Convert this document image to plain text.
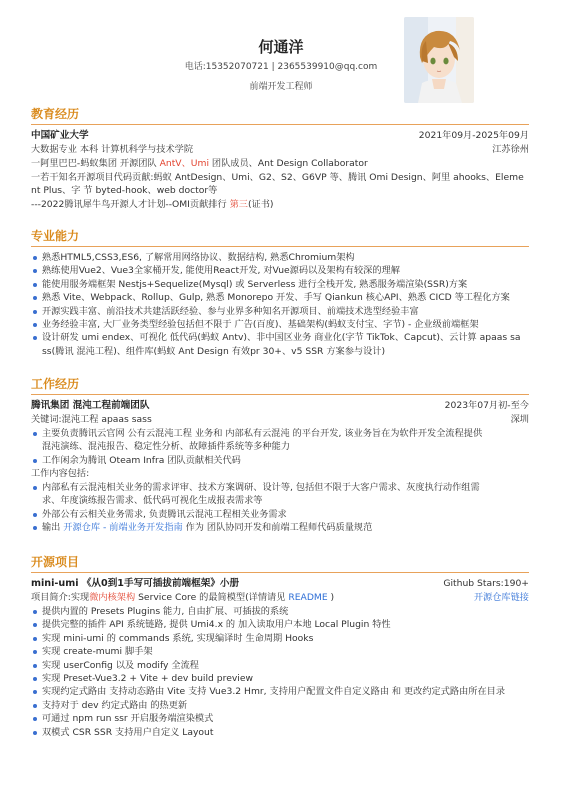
何通洋
电话:15352070721 | 2365539910@qq.com
前端开发工程师
教育经历
中国矿业大学	2021年09月-2025年09月
大数据专业 本科 计算机科学与技术学院	江苏徐州
一阿里巴巴-蚂蚁集团 开源团队 AntV、Umi 团队成员、Ant Design Collaborator
一若干知名开源项目代码贡献:蚂蚁 AntDesign、Umi、G2、S2、G6VP 等、腾讯 Omi Design、阿里 ahooks、Eleme
nt Plus、字 节 byted-hook、web doctor等
---2022腾讯犀牛鸟开源人才计划--OMI贡献排行 第三(证书)
专业能力
熟悉HTML5,CSS3,ES6, 了解常用网络协议、数据结构, 熟悉Chromium架构
熟练使用Vue2、Vue3全家桶开发, 能使用React开发, 对Vue源码以及架构有较深的理解
能使用服务端框架 Nestjs+Sequelize(Mysql) 或 Serverless 进行全栈开发, 熟悉服务端渲染(SSR)方案
熟悉 Vite、Webpack、Rollup、Gulp, 熟悉 Monorepo 开发、手写 Qiankun 核心API、熟悉 CICD 等工程化方案
开源实践丰富、前沿技术共建活跃经验、参与业界多种知名开源项目、前端技术选型经验丰富
业务经验丰富, 大厂业务类型经验包括但不限于 广告(百度)、基础架构(蚂蚁支付宝、字节) - 企业级前端框架
设计研发 umi endex、可视化 低代码(蚂蚁 Antv)、非中国区业务 商业化(字节 TikTok、Capcut)、云计算 apaas sa
ss(腾讯 混沌工程)、组件库(蚂蚁 Ant Design 有效pr 30+、v5 SSR 方案参与设计)
工作经历
腾讯集团 混沌工程前端团队	2023年07月初-至今
关键词:混沌工程 apaas sass	深圳
主要负责腾讯云官网 公有云混沌工程 业务和 内部私有云混沌 的平台开发, 该业务旨在为软件开发全流程提供
混沌演练、混沌报告、稳定性分析、故障插件系统等多种能力
工作闲余为腾讯 Oteam Infra 团队贡献相关代码
工作内容包括:
内部私有云混沌相关业务的需求评审、技术方案调研、设计等, 包括但不限于大客户需求、灰度执行动作组需
求、年度演练报告需求、低代码可视化生成报表需求等
外部公有云相关业务需求, 负责腾讯云混沌工程相关业务需求
输出 开源仓库 - 前端业务开发指南 作为 团队协同开发和前端工程师代码质量规范
开源项目
mini-umi 《从0到1手写可插拔前端框架》小册	Github Stars:190+
项目简介:实现微内核架构 Service Core 的最简模型(详情请见 README )	开源仓库链接
提供内置的 Presets Plugins 能力, 自由扩展、可插拔的系统
提供完整的插件 API 系统链路, 提供 Umi4.x 的 加入读取用户本地 Local Plugin 特性
实现 mini-umi 的 commands 系统, 实现编译时 生命周期 Hooks
实现 create-mumi 脚手架
实现 userConfig 以及 modify 全流程
实现 Preset-Vue3.2 + Vite + dev build preview
实现约定式路由 支持动态路由 Vite 支持 Vue3.2 Hmr, 支持用户配置文件自定义路由 和 更改约定式路由所在目录
支持对于 dev 约定式路由 的热更新
可通过 npm run ssr 开启服务端渲染模式
双模式 CSR SSR 支持用户自定义 Layout
